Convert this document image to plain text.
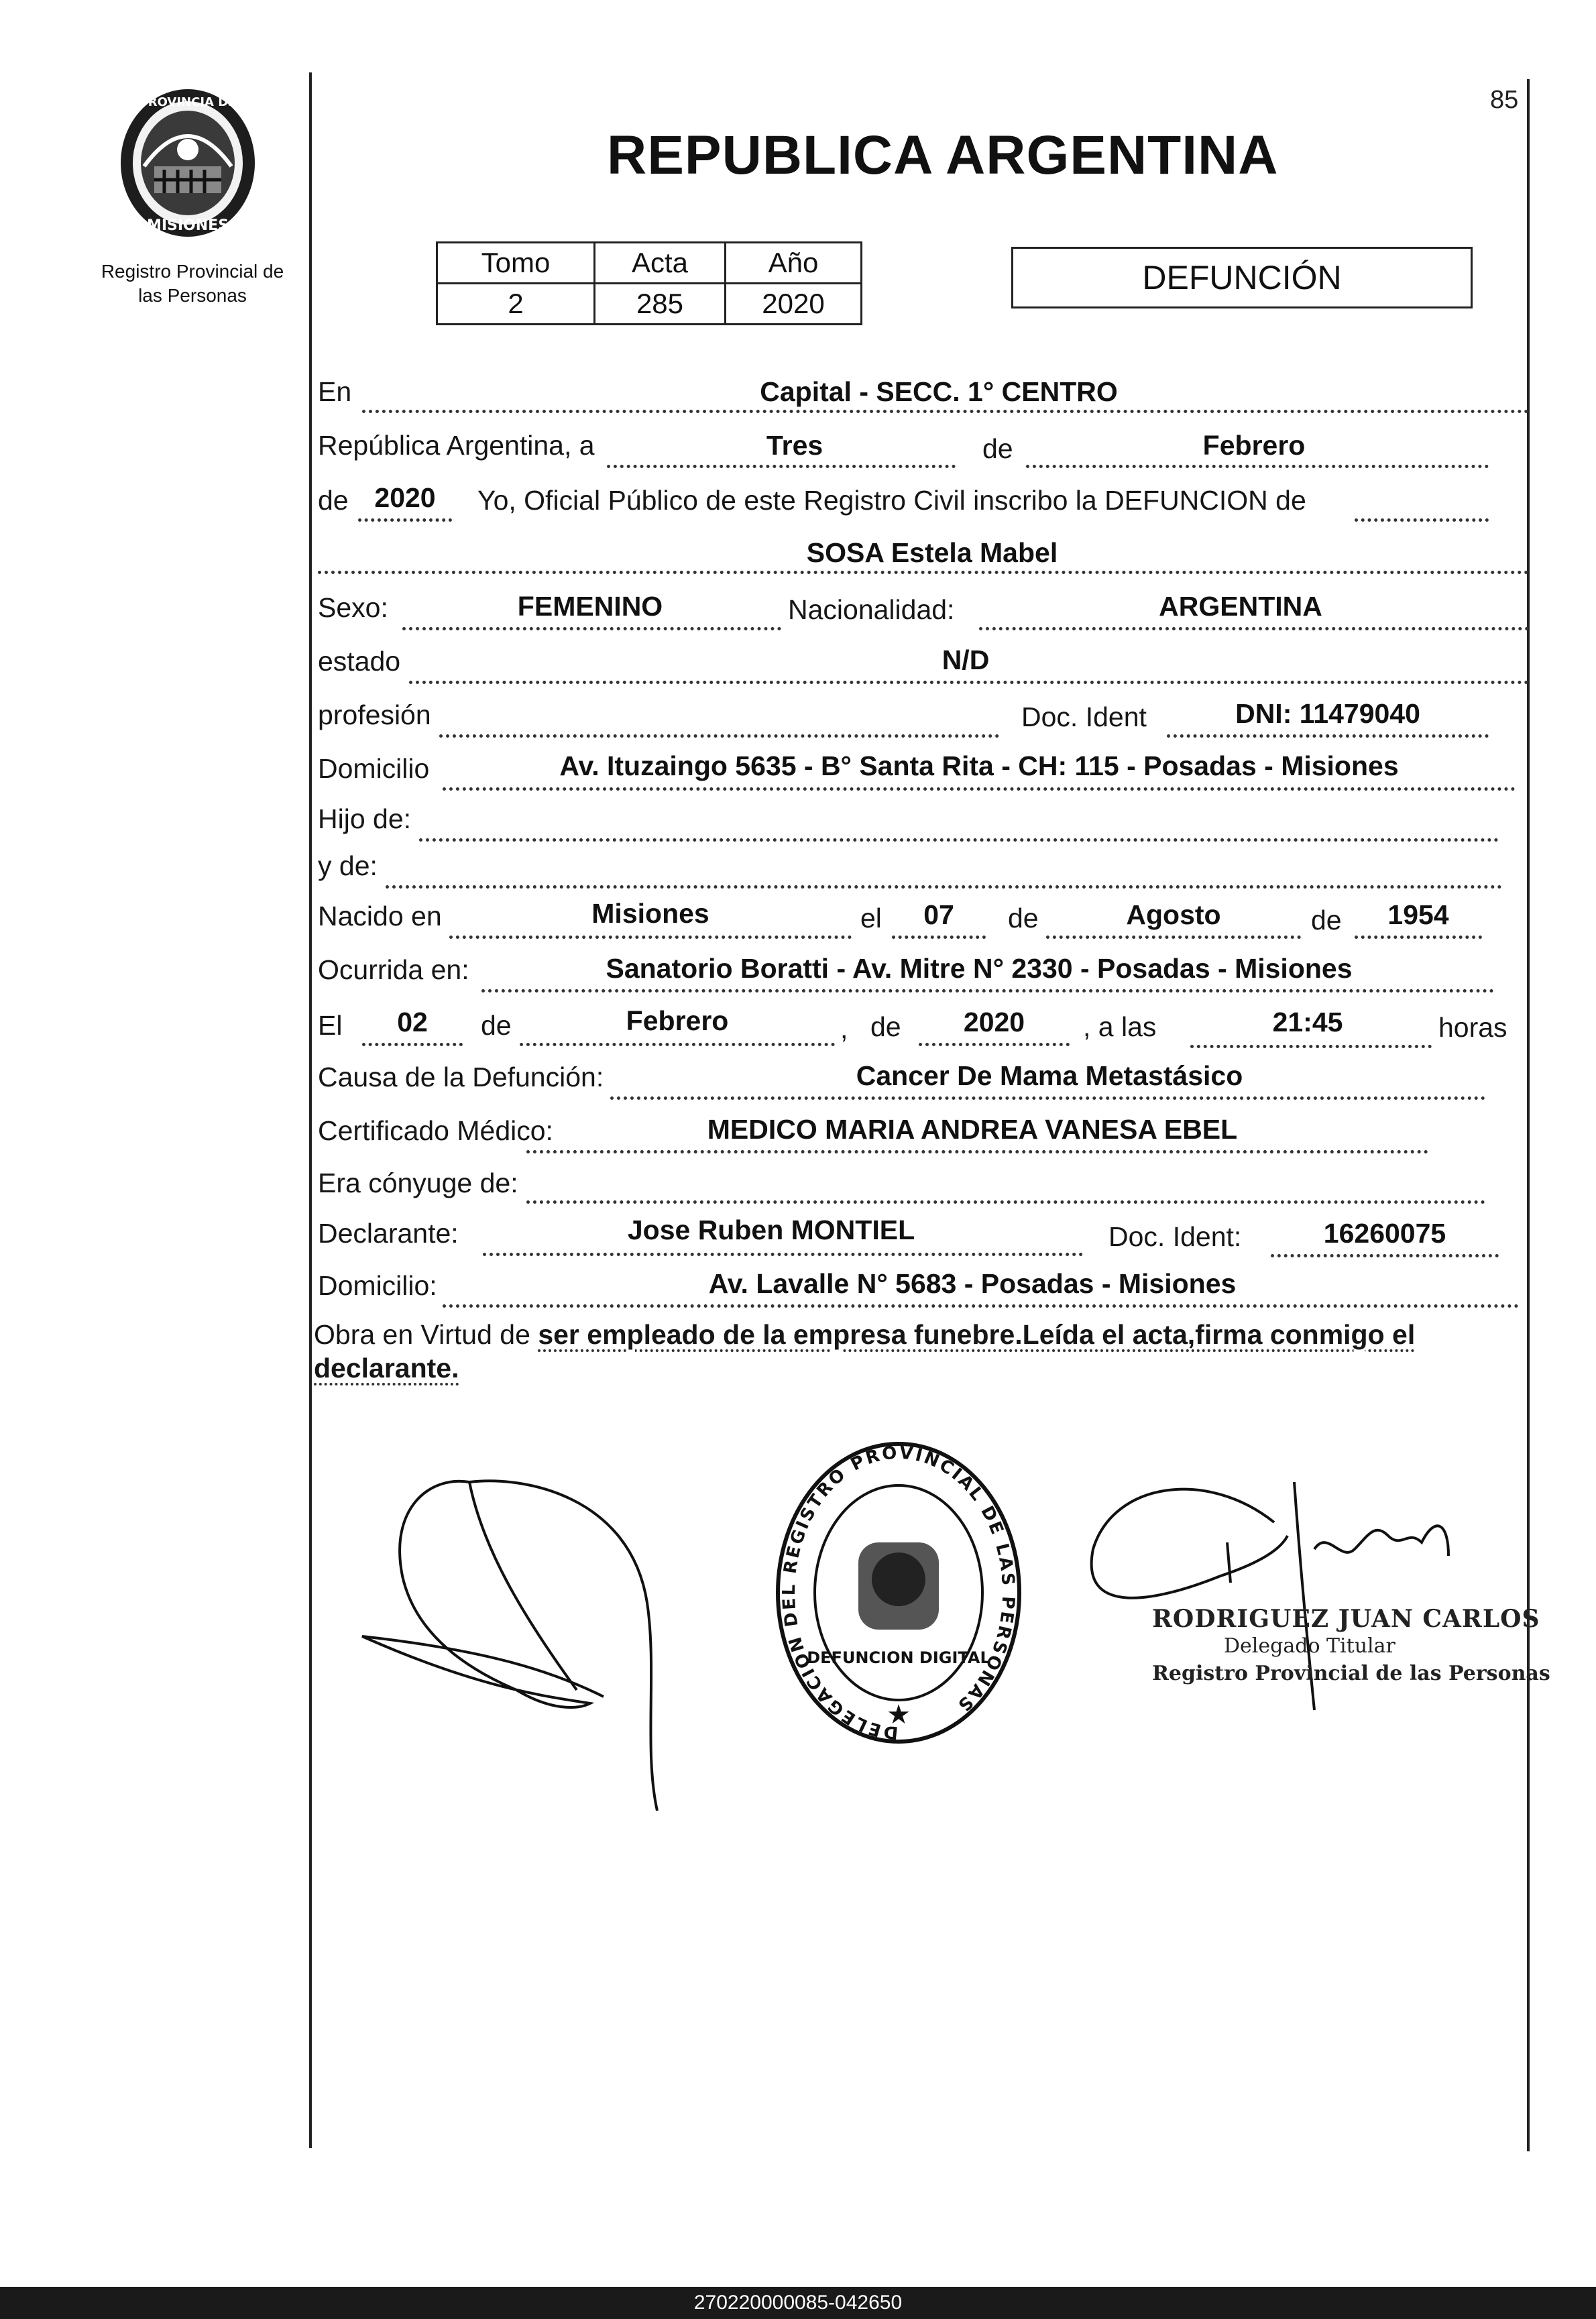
85
PROVINCIA DE
MISIONES
Registro Provincial de
las Personas
REPUBLICA ARGENTINA
Tomo	Acta	Año
2	285	2020
DEFUNCIÓN
En	Capital - SECC. 1° CENTRO
República Argentina, a	Tres	de	Febrero
de 2020	Yo, Oficial Público de este Registro Civil inscribo la DEFUNCION de
SOSA Estela Mabel
Sexo:	FEMENINO	Nacionalidad:	ARGENTINA
estado	N/D
profesión	Doc. Ident	DNI: 11479040
Domicilio	Av. Ituzaingo 5635 - B° Santa Rita - CH: 115 - Posadas - Misiones
Hijo de:
y de:
Nacido en	Misiones	el	07	de	Agosto	de	1954
Ocurrida en:	Sanatorio Boratti - Av. Mitre N° 2330 - Posadas - Misiones
El	02	de	Febrero	, de	2020	, a las	21:45	horas
Causa de la Defunción:	Cancer De Mama Metastásico
Certificado Médico:	MEDICO MARIA ANDREA VANESA EBEL
Era cónyuge de:
Declarante:	Jose Ruben MONTIEL	Doc. Ident:	16260075
Domicilio:	Av. Lavalle N° 5683 - Posadas - Misiones
Obra en Virtud de ser empleado de la empresa funebre.Leída el acta,firma conmigo el declarante.
DELEGACION DEL REGISTRO PROVINCIAL DE LAS PERSONAS
DEFUNCION DIGITAL
★
RODRIGUEZ JUAN CARLOS
Delegado Titular
Registro Provincial de las Personas
270220000085-042650
